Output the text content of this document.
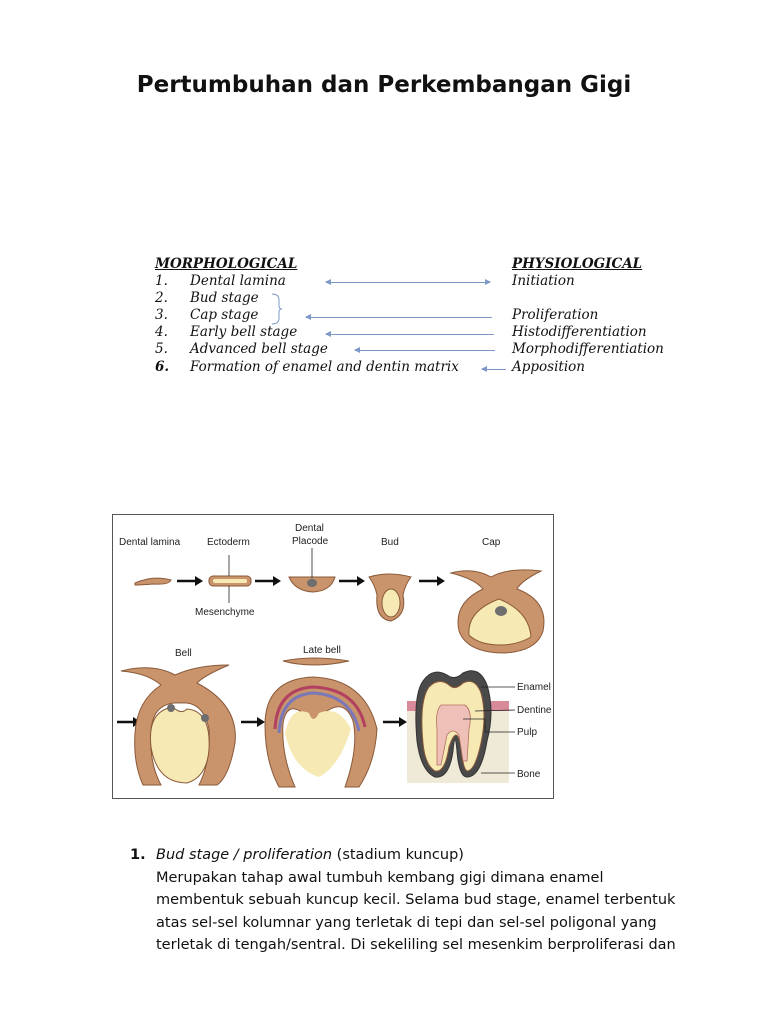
Pertumbuhan dan Perkembangan Gigi
MORPHOLOGICAL	PHYSIOLOGICAL
1. Dental lamina	Initiation
2. Bud stage
3. Cap stage	Proliferation
4. Early bell stage	Histodifferentiation
5. Advanced bell stage	Morphodifferentiation
6. Formation of enamel and dentin matrix	Apposition
Dental lamina	Ectoderm
Dental
Placode	Bud	Cap
Mesenchyme
Bell	Late bell
Enamel
Dentine
Pulp
Bone
1. Bud stage / proliferation (stadium kuncup)
Merupakan tahap awal tumbuh kembang gigi dimana enamel
membentuk sebuah kuncup kecil. Selama bud stage, enamel terbentuk
atas sel-sel kolumnar yang terletak di tepi dan sel-sel poligonal yang
terletak di tengah/sentral. Di sekeliling sel mesenkim berproliferasi dan
